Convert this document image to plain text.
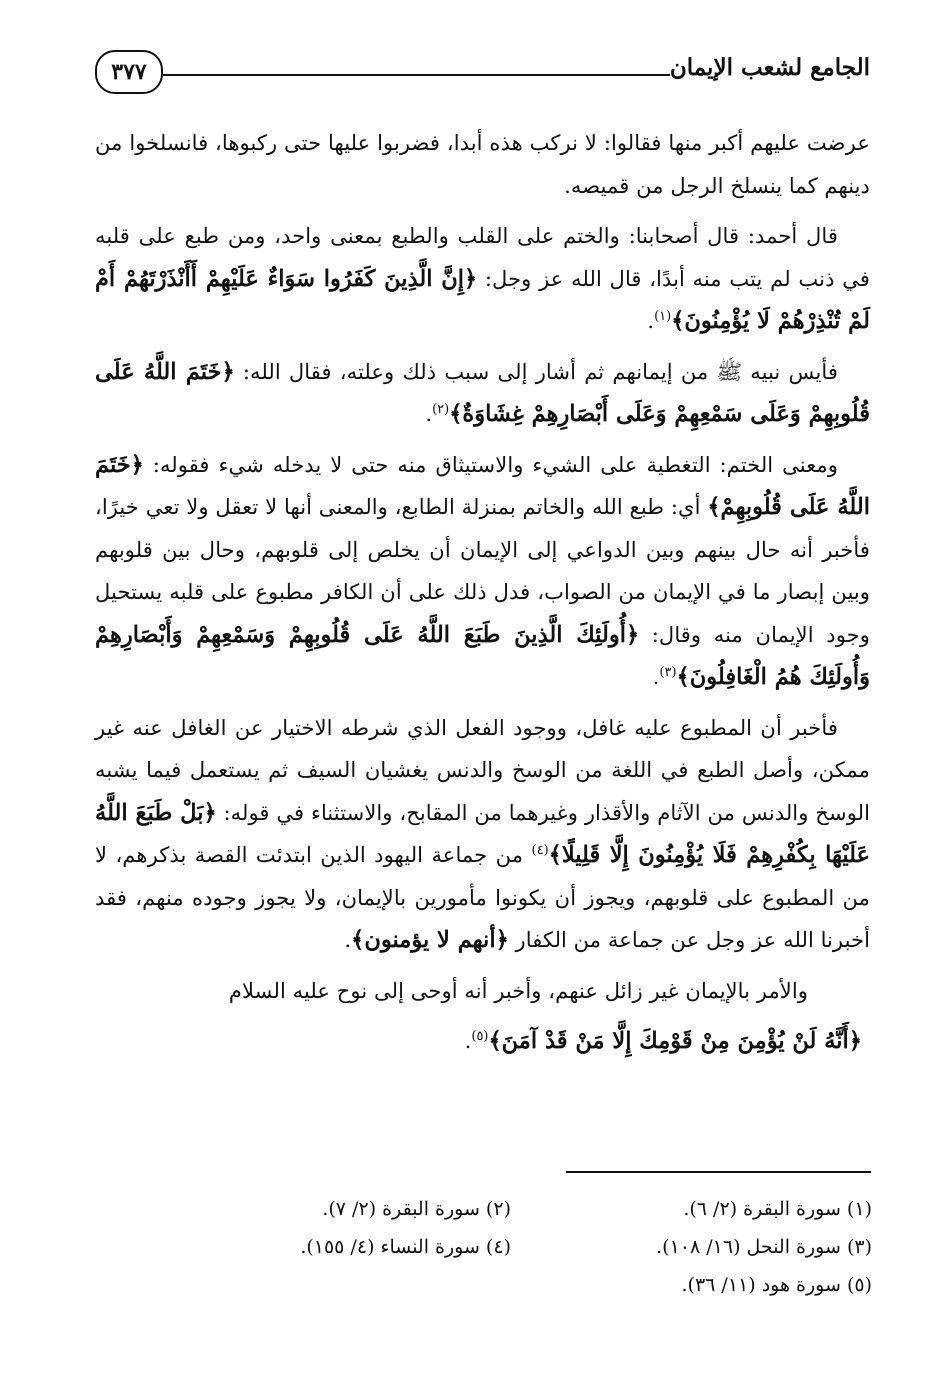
الجامع لشعب الإيمان
٣٧٧

عرضت عليهم أكبر منها فقالوا: لا نركب هذه أبدا، فضربوا عليها حتى ركبوها، فانسلخوا من دينهم كما ينسلخ الرجل من قميصه.

قال أحمد: قال أصحابنا: والختم على القلب والطبع بمعنى واحد، ومن طبع على قلبه في ذنب لم يتب منه أبدًا، قال الله عز وجل: ﴿إِنَّ الَّذِينَ كَفَرُوا سَوَاءٌ عَلَيْهِمْ أَأَنْذَرْتَهُمْ أَمْ لَمْ تُنْذِرْهُمْ لَا يُؤْمِنُونَ﴾$^{(١)}$.

فأيس نبيه ﷺ من إيمانهم ثم أشار إلى سبب ذلك وعلته، فقال الله: ﴿خَتَمَ اللَّهُ عَلَى قُلُوبِهِمْ وَعَلَى سَمْعِهِمْ وَعَلَى أَبْصَارِهِمْ غِشَاوَةٌ﴾$^{(٢)}$.

ومعنى الختم: التغطية على الشيء والاستيثاق منه حتى لا يدخله شيء فقوله: ﴿خَتَمَ اللَّهُ عَلَى قُلُوبِهِمْ﴾ أي: طبع الله والخاتم بمنزلة الطابع، والمعنى أنها لا تعقل ولا تعي خيرًا، فأخبر أنه حال بينهم وبين الدواعي إلى الإيمان أن يخلص إلى قلوبهم، وحال بين قلوبهم وبين إبصار ما في الإيمان من الصواب، فدل ذلك على أن الكافر مطبوع على قلبه يستحيل وجود الإيمان منه وقال: ﴿أُولَئِكَ الَّذِينَ طَبَعَ اللَّهُ عَلَى قُلُوبِهِمْ وَسَمْعِهِمْ وَأَبْصَارِهِمْ وَأُولَئِكَ هُمُ الْغَافِلُونَ﴾$^{(٣)}$.

فأخبر أن المطبوع عليه غافل، ووجود الفعل الذي شرطه الاختيار عن الغافل عنه غير ممكن، وأصل الطبع في اللغة من الوسخ والدنس يغشيان السيف ثم يستعمل فيما يشبه الوسخ والدنس من الآثام والأقذار وغيرهما من المقابح، والاستثناء في قوله: ﴿بَلْ طَبَعَ اللَّهُ عَلَيْهَا بِكُفْرِهِمْ فَلَا يُؤْمِنُونَ إِلَّا قَلِيلًا﴾$^{(٤)}$ من جماعة اليهود الذين ابتدئت القصة بذكرهم، لا من المطبوع على قلوبهم، ويجوز أن يكونوا مأمورين بالإيمان، ولا يجوز وجوده منهم، فقد أخبرنا الله عز وجل عن جماعة من الكفار ﴿أنهم لا يؤمنون﴾.

والأمر بالإيمان غير زائل عنهم، وأخبر أنه أوحى إلى نوح عليه السلام

﴿أَنَّهُ لَنْ يُؤْمِنَ مِنْ قَوْمِكَ إِلَّا مَنْ قَدْ آمَنَ﴾$^{(٥)}$.

(١) سورة البقرة (٢/ ٦).
(٢) سورة البقرة (٢/ ٧).
(٣) سورة النحل (١٦/ ١٠٨).
(٤) سورة النساء (٤/ ١٥٥).
(٥) سورة هود (١١/ ٣٦).
